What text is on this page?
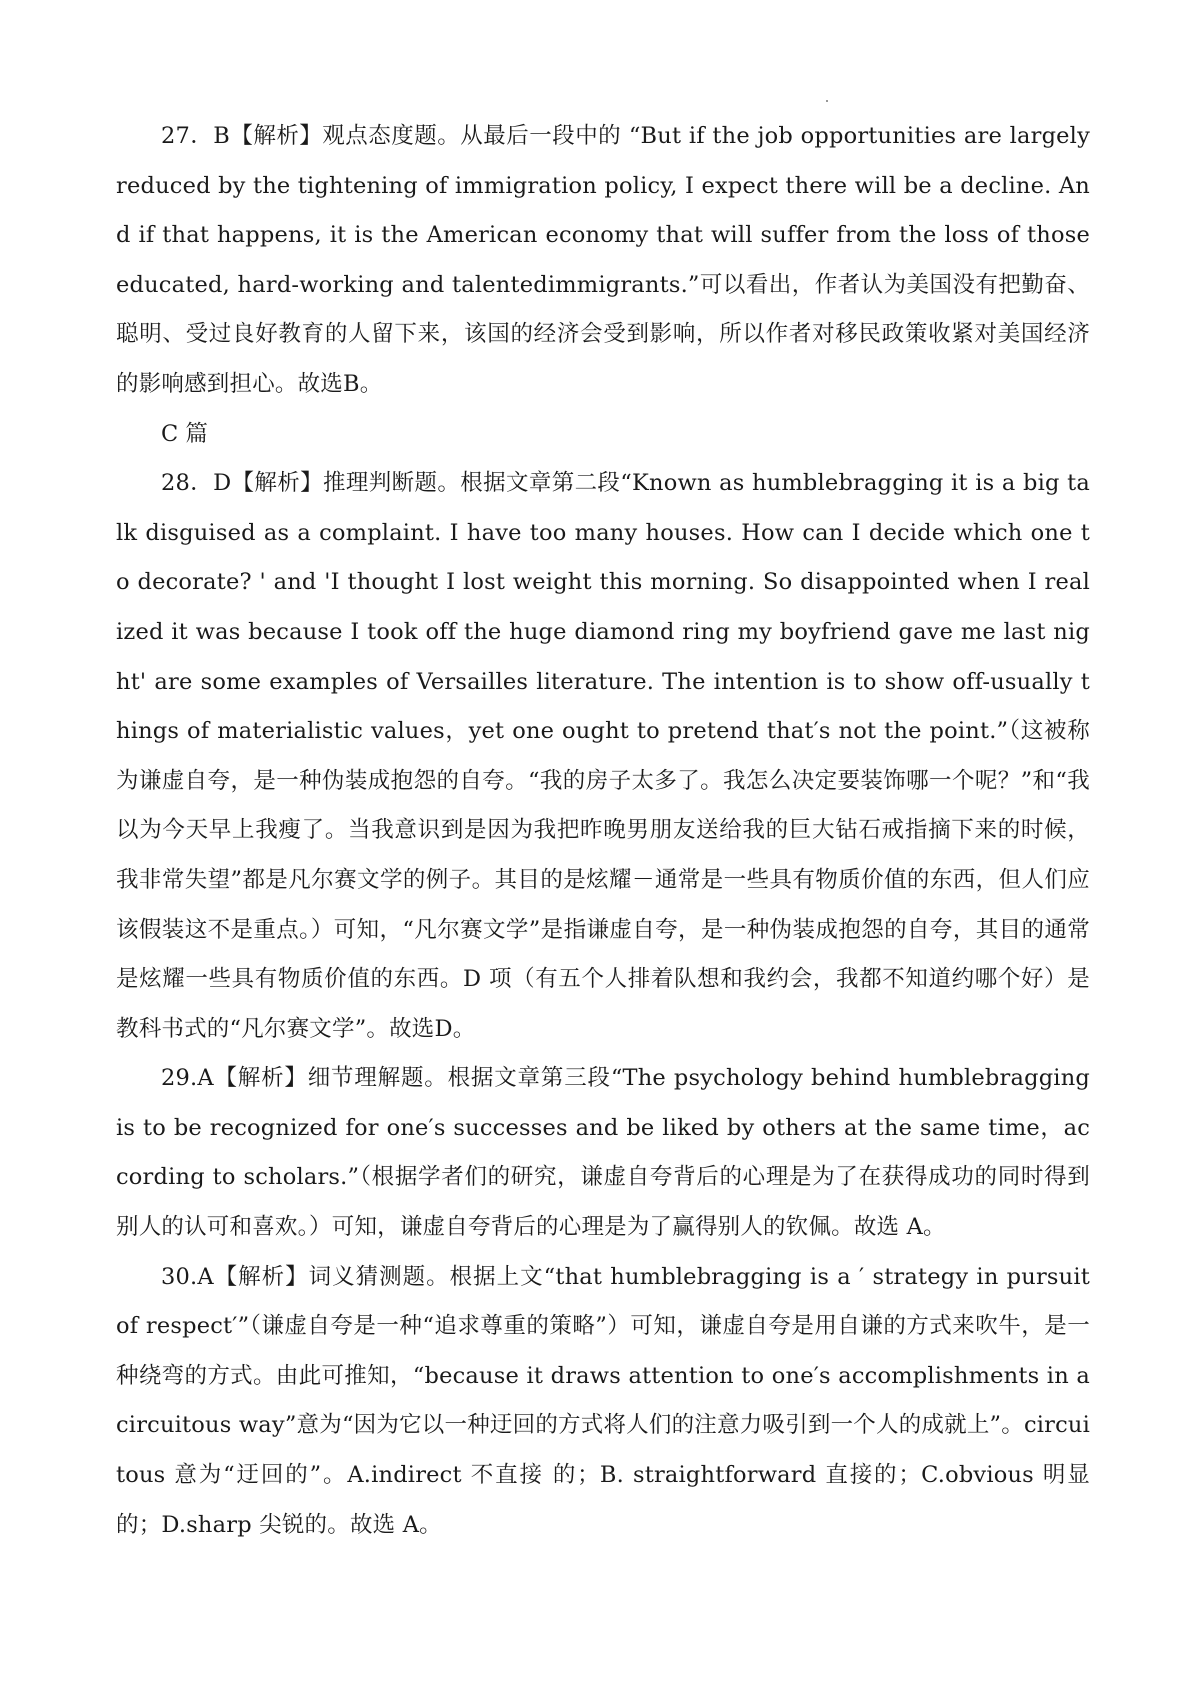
27．B【解析】观点态度题。从最后一段中的 “But if the job opportunities are largely reduced by the tightening of immigration policy, I expect there will be a decline. And if that happens, it is the American economy that will suffer from the loss of those educated, hard-working and talentedimmigrants.”可以看出，作者认为美国没有把勤奋、聪明、受过良好教育的人留下来，该国的经济会受到影响，所以作者对移民政策收紧对美国经济的影响感到担心。故选B。

C 篇

28．D【解析】推理判断题。根据文章第二段“Known as humblebragging it is a big talk disguised as a complaint. I have too many houses. How can I decide which one to decorate? ' and 'I thought I lost weight this morning. So disappointed when I realized it was because I took off the huge diamond ring my boyfriend gave me last night' are some examples of Versailles literature. The intention is to show off-usually things of materialistic values，yet one ought to pretend that′s not the point.”（这被称为谦虚自夸，是一种伪装成抱怨的自夸。“我的房子太多了。我怎么决定要装饰哪一个呢？”和“我以为今天早上我瘦了。当我意识到是因为我把昨晚男朋友送给我的巨大钻石戒指摘下来的时候，我非常失望”都是凡尔赛文学的例子。其目的是炫耀－通常是一些具有物质价值的东西，但人们应该假装这不是重点。）可知，“凡尔赛文学”是指谦虚自夸，是一种伪装成抱怨的自夸，其目的通常是炫耀一些具有物质价值的东西。D 项（有五个人排着队想和我约会，我都不知道约哪个好）是教科书式的“凡尔赛文学”。故选D。

29.A【解析】细节理解题。根据文章第三段“The psychology behind humblebragging is to be recognized for one′s successes and be liked by others at the same time，according to scholars.”（根据学者们的研究，谦虚自夸背后的心理是为了在获得成功的同时得到别人的认可和喜欢。）可知，谦虚自夸背后的心理是为了赢得别人的钦佩。故选 A。

30.A【解析】词义猜测题。根据上文“that humblebragging is a ′ strategy in pursuit of respect′”（谦虚自夸是一种“追求尊重的策略”）可知，谦虚自夸是用自谦的方式来吹牛，是一种绕弯的方式。由此可推知，“because it draws attention to one′s accomplishments in a circuitous way”意为“因为它以一种迂回的方式将人们的注意力吸引到一个人的成就上”。circuitous 意为“迂回的”。A.indirect 不直接 的；B. straightforward 直接的；C.obvious 明显的；D.sharp 尖锐的。故选 A。
